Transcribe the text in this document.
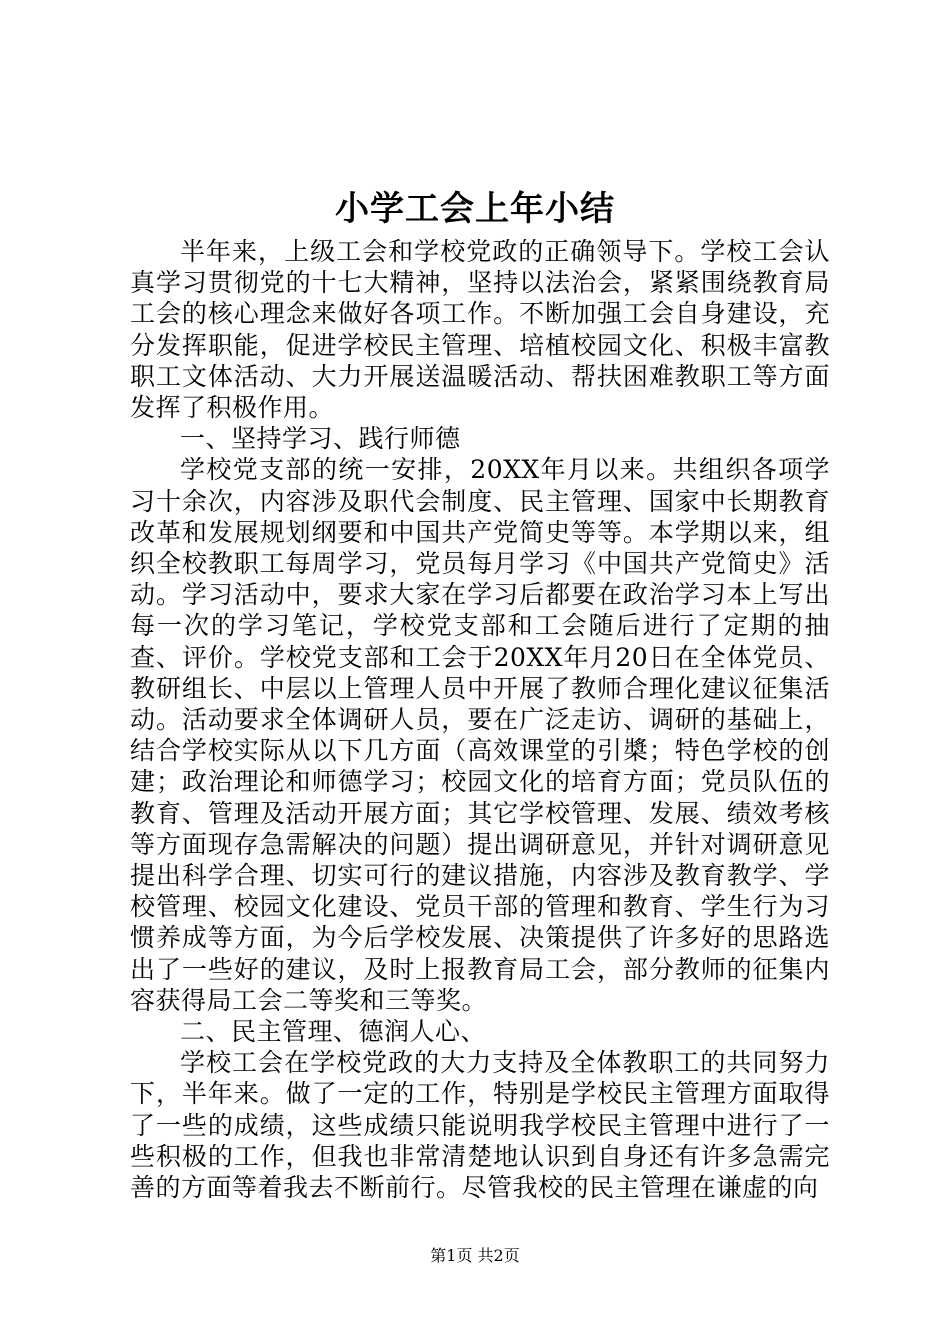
小学工会上年小结

半年来，上级工会和学校党政的正确领导下。学校工会认真学习贯彻党的十七大精神，坚持以法治会，紧紧围绕教育局工会的核心理念来做好各项工作。不断加强工会自身建设，充分发挥职能，促进学校民主管理、培植校园文化、积极丰富教职工文体活动、大力开展送温暖活动、帮扶困难教职工等方面发挥了积极作用。

一、坚持学习、践行师德

学校党支部的统一安排，20XX年月以来。共组织各项学习十余次，内容涉及职代会制度、民主管理、国家中长期教育改革和发展规划纲要和中国共产党简史等等。本学期以来，组织全校教职工每周学习，党员每月学习《中国共产党简史》活动。学习活动中，要求大家在学习后都要在政治学习本上写出每一次的学习笔记，学校党支部和工会随后进行了定期的抽查、评价。学校党支部和工会于20XX年月20日在全体党员、教研组长、中层以上管理人员中开展了教师合理化建议征集活动。活动要求全体调研人员，要在广泛走访、调研的基础上，结合学校实际从以下几方面（高效课堂的引槳；特色学校的创建；政治理论和师德学习；校园文化的培育方面；党员队伍的教育、管理及活动开展方面；其它学校管理、发展、绩效考核等方面现存急需解决的问题）提出调研意见，并针对调研意见提出科学合理、切实可行的建议措施，内容涉及教育教学、学校管理、校园文化建设、党员干部的管理和教育、学生行为习惯养成等方面，为今后学校发展、决策提供了许多好的思路选出了一些好的建议，及时上报教育局工会，部分教师的征集内容获得局工会二等奖和三等奖。

二、民主管理、德润人心、

学校工会在学校党政的大力支持及全体教职工的共同努力下，半年来。做了一定的工作，特别是学校民主管理方面取得了一些的成绩，这些成绩只能说明我学校民主管理中进行了一些积极的工作，但我也非常清楚地认识到自身还有许多急需完善的方面等着我去不断前行。尽管我校的民主管理在谦虚的向

第1页 共2页
